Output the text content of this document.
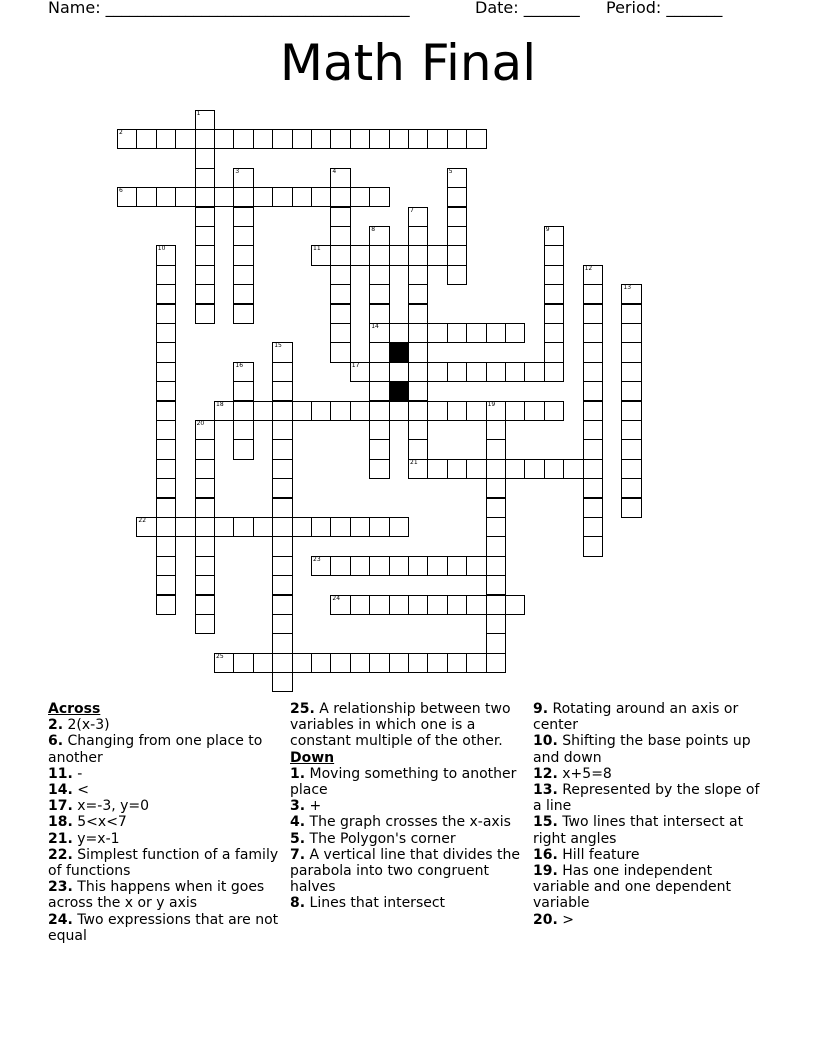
Name: ______________________________________	Date: _______ Period: _______
Math Final
1
2
3	4	5
6
7
21
8
14
9
10	11
12
13
15
16	17
18	19
20
22
23
24
25
Across
2. 2(x-3)
6. Changing from one place to another
11. -
14. <
17. x=-3, y=0
18. 5<x<7
21. y=x-1
22. Simplest function of a family of functions
23. This happens when it goes across the x or y axis
24. Two expressions that are not equal
25. A relationship between two variables in which one is a constant multiple of the other.
Down
1. Moving something to another place
3. +
4. The graph crosses the x-axis
5. The Polygon's corner
7. A vertical line that divides the parabola into two congruent halves
8. Lines that intersect
9. Rotating around an axis or center
10. Shifting the base points up and down
12. x+5=8
13. Represented by the slope of a line
15. Two lines that intersect at right angles
16. Hill feature
19. Has one independent variable and one dependent variable
20. >
